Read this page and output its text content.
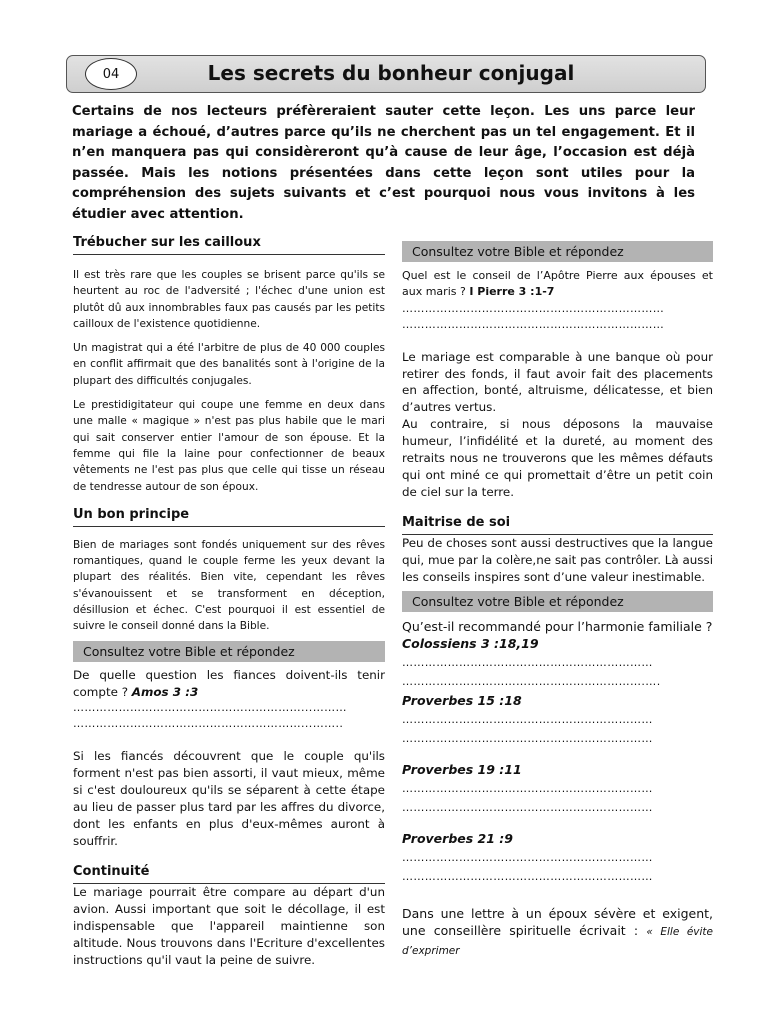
04	Les secrets du bonheur conjugal
Certains de nos lecteurs préfèreraient sauter cette leçon. Les uns parce leur mariage a échoué, d’autres parce qu’ils ne cherchent pas un tel engagement. Et il n’en manquera pas qui considèreront qu’à cause de leur âge, l’occasion est déjà passée. Mais les notions présentées dans cette leçon sont utiles pour la compréhension des sujets suivants et c’est pourquoi nous vous invitons à les étudier avec attention.
Trébucher sur les cailloux

Il est très rare que les couples se brisent parce qu'ils se heurtent au roc de l'adversité ; l'échec d'une union est plutôt dû aux innombrables faux pas causés par les petits cailloux de l'existence quotidienne.

Un magistrat qui a été l'arbitre de plus de 40 000 couples en conflit affirmait que des banalités sont à l'origine de la plupart des difficultés conjugales.

Le prestidigitateur qui coupe une femme en deux dans une malle « magique » n'est pas plus habile que le mari qui sait conserver entier l'amour de son épouse. Et la femme qui file la laine pour confectionner de beaux vêtements ne l'est pas plus que celle qui tisse un réseau de tendresse autour de son époux.

Un bon principe

Bien de mariages sont fondés uniquement sur des rêves romantiques, quand le couple ferme les yeux devant la plupart des réalités. Bien vite, cependant les rêves s'évanouissent et se transforment en déception, désillusion et échec. C'est pourquoi il est essentiel de suivre le conseil donné dans la Bible.

Consultez votre Bible et répondez

De quelle question les fiances doivent-ils tenir compte ? Amos 3 :3

……………………………………………………...………
……………………………………………………...……..

Si les fiancés découvrent que le couple qu'ils forment n'est pas bien assorti, il vaut mieux, même si c'est douloureux qu'ils se séparent à cette étape au lieu de passer plus tard par les affres du divorce, dont les enfants en plus d'eux-mêmes auront à souffrir.

Continuité

Le mariage pourrait être compare au départ d'un avion. Aussi important que soit le décollage, il est indispensable que l'appareil maintienne son altitude. Nous trouvons dans l'Ecriture d'excellentes instructions qu'il vaut la peine de suivre.

Consultez votre Bible et répondez

Quel est le conseil de l’Apôtre Pierre aux épouses et aux maris ? I Pierre 3 :1-7

……………………………………………………………
……………………………………………………………

Le mariage est comparable à une banque où pour retirer des fonds, il faut avoir fait des placements en affection, bonté, altruisme, délicatesse, et bien d’autres vertus.

Au contraire, si nous déposons la mauvaise humeur, l’infidélité et la dureté, au moment des retraits nous ne trouverons que les mêmes défauts qui ont miné ce qui promettait d’être un petit coin de ciel sur la terre.

Maitrise de soi

Peu de choses sont aussi destructives que la langue qui, mue par la colère,ne sait pas contrôler. Là aussi les conseils inspires sont d’une valeur inestimable.

Consultez votre Bible et répondez

Qu’est-il recommandé pour l’harmonie familiale ?

Colossiens 3 :18,19
…………………………………………………………
……………………………………………………….….
Proverbes 15 :18
…………………………………………………………
…………………………………………………………
Proverbes 19 :11
…………………………………………………………
…………………………………………………………
Proverbes 21 :9
…………………………………………………………
…………………………………………………………

Dans une lettre à un époux sévère et exigent, une conseillère spirituelle écrivait : « Elle évite d’exprimer
